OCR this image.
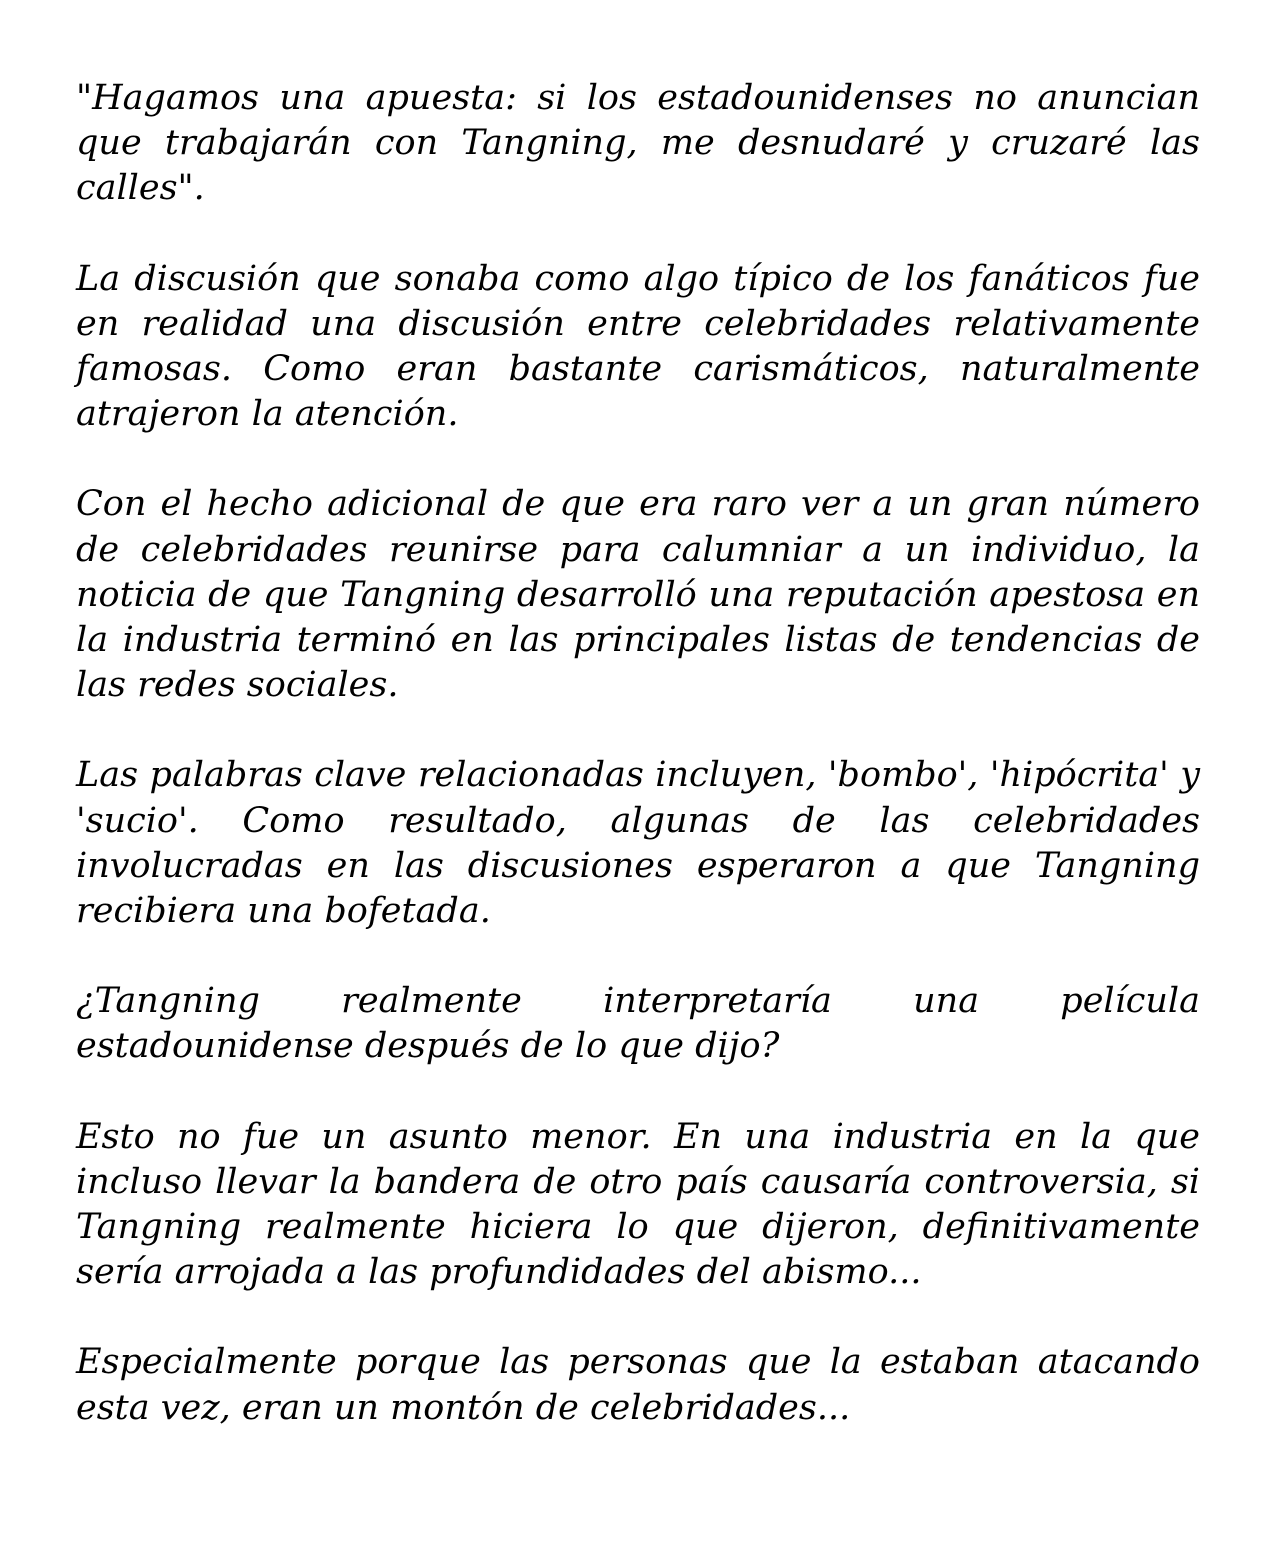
"Hagamos una apuesta: si los estadounidenses no anuncian que trabajarán con Tangning, me desnudaré y cruzaré las calles".

La discusión que sonaba como algo típico de los fanáticos fue en realidad una discusión entre celebridades relativamente famosas. Como eran bastante carismáticos, naturalmente atrajeron la atención.

Con el hecho adicional de que era raro ver a un gran número de celebridades reunirse para calumniar a un individuo, la noticia de que Tangning desarrolló una reputación apestosa en la industria terminó en las principales listas de tendencias de las redes sociales.

Las palabras clave relacionadas incluyen, 'bombo', 'hipócrita' y 'sucio'. Como resultado, algunas de las celebridades involucradas en las discusiones esperaron a que Tangning recibiera una bofetada.

¿Tangning realmente interpretaría una película estadounidense después de lo que dijo?

Esto no fue un asunto menor. En una industria en la que incluso llevar la bandera de otro país causaría controversia, si Tangning realmente hiciera lo que dijeron, definitivamente sería arrojada a las profundidades del abismo...

Especialmente porque las personas que la estaban atacando esta vez, eran un montón de celebridades...
